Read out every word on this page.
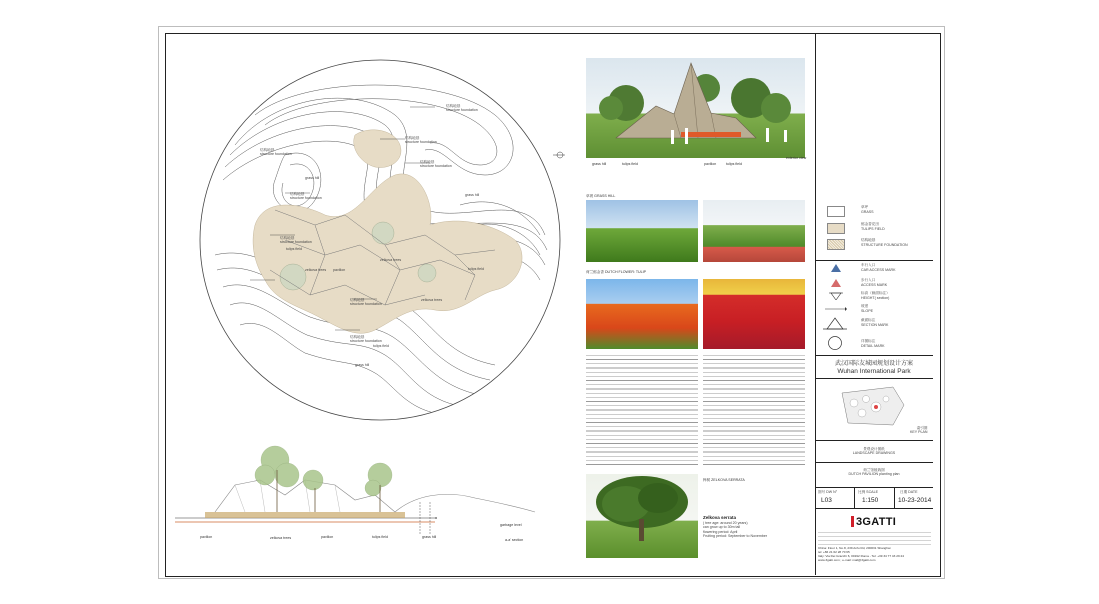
结构地基
structure foundation
结构地基
structure foundation
结构地基
structure foundation
结构地基
structure foundation
结构地基
structure foundation
结构地基
structure foundation
结构地基
structure foundation
结构地基
structure foundation
grass hill
grass hill
grass hill
tulips field
tulips field
tulips field
zelkova trees
zelkova trees
zelkova trees
pavilion
pavilion	zelkova trees	pavilion	tulips field	grass hill
garbage level
a-a' section
grass hill	tulips field	pavilion	tulips field
exterior view
草坡 GRASS HILL
荷兰郁金香 DUTCH FLOWER: TULIP
榉树 ZELKOVA SERRATA
Zelkova serrata
( tree age: around 20 years)
can grow up to 30m tall
flowering period: April
Fruiting period: September to November
草坪
GRASS
郁金香花田
TULIPS FIELD
结构地基
STRUCTURE FOUNDATION
车行入口
CAR ACCESS MARK
步行入口
ACCESS MARK
标高（截面标注）
HEIGHT( section)
坡度
SLOPE
截面标注
SECTION MARK
详图标注
DETAIL MARK
武汉国际友城园规划设计方案
Wuhan International Park
索引图
KEY PLAN
景观设计图纸
LANDSCAPE DRAWINGS
荷兰馆植栽图
DUTCH PAVILION planting plan
图号 DW N°	比例 SCALE	日期 DATE
L03	1:150	10-23-2014
3GATTI
China: Floor 1, No.8, 239 Anfu Rd, 200031 Shanghai
tel: +86 21 62 28 70 65
Italy: Via Dei Gracchi 6, 00192 Roma - Tel: +39 34 77 43 29 24
www.3gatti.com ; e-mail: mail@3gatti.com
